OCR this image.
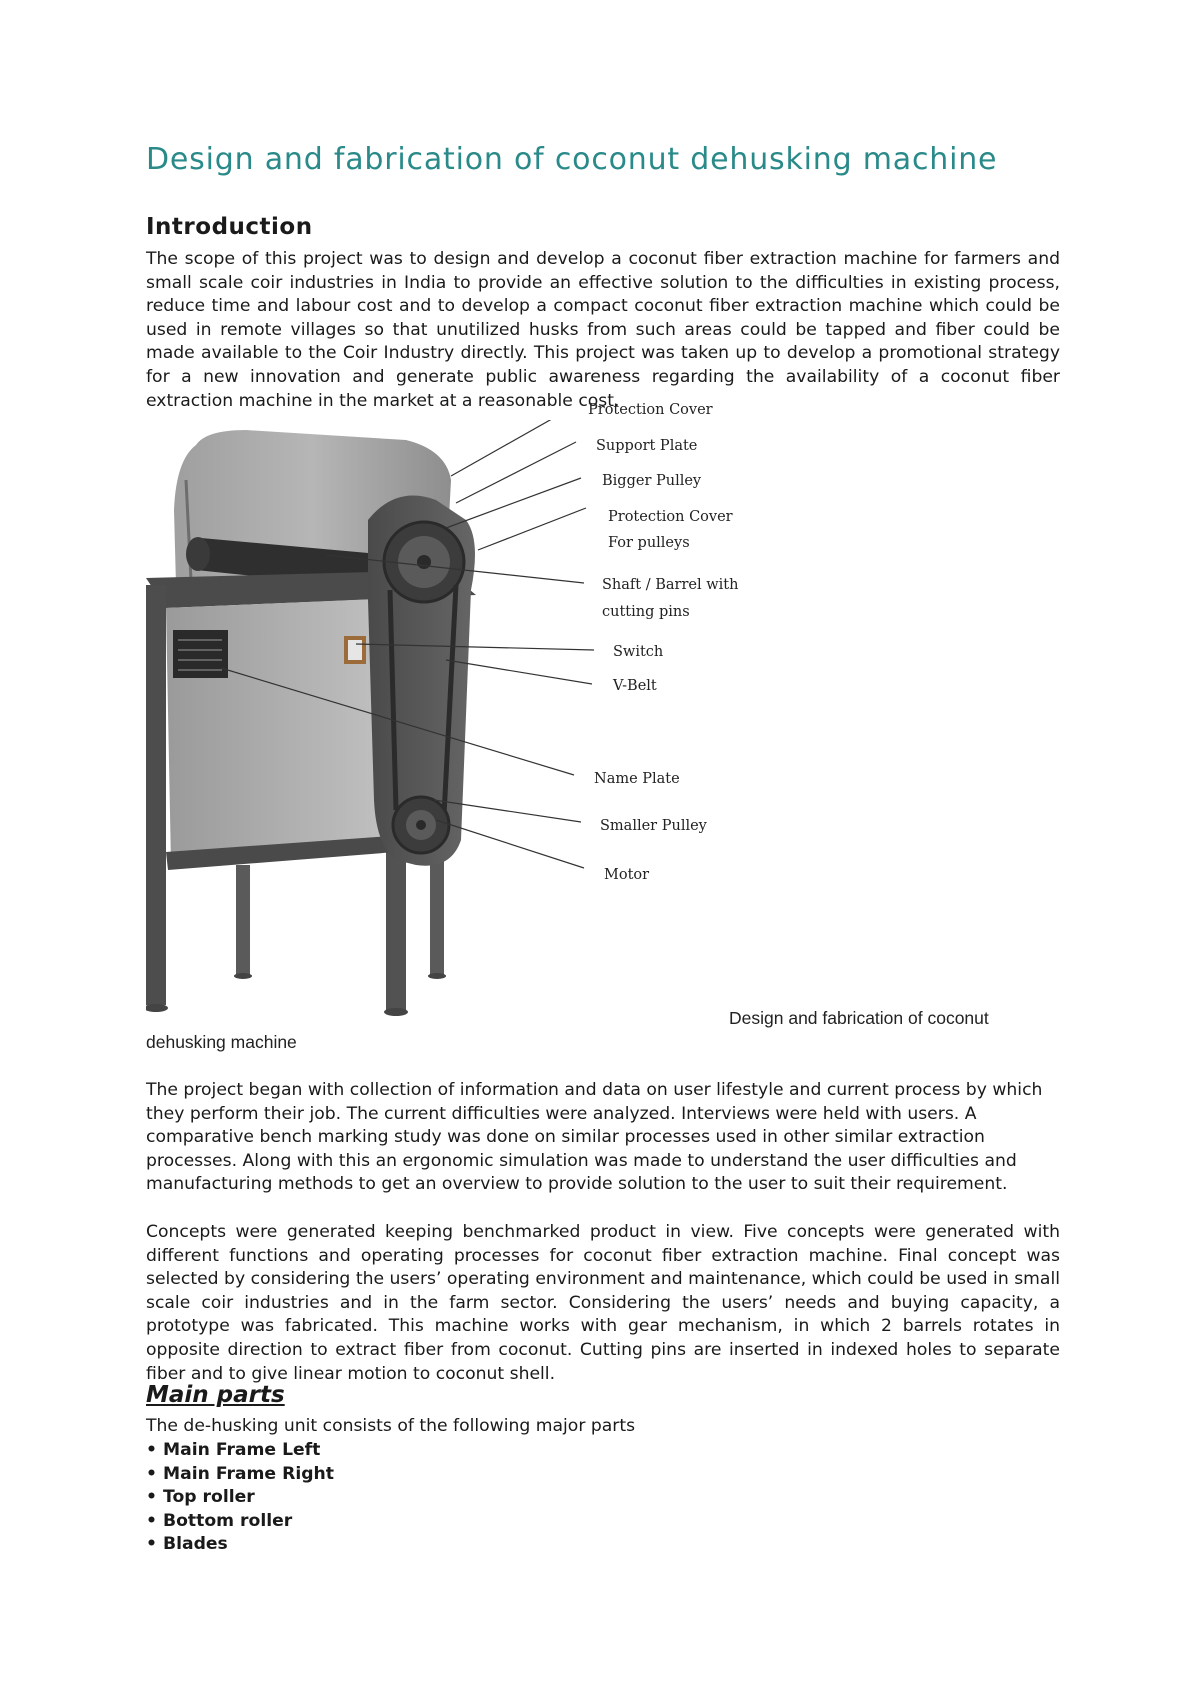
Design and fabrication of coconut dehusking machine
Introduction

The scope of this project was to design and develop a coconut fiber extraction machine for farmers and small scale coir industries in India to provide an effective solution to the difficulties in existing process, reduce time and labour cost and to develop a compact coconut fiber extraction machine which could be used in remote villages so that unutilized husks from such areas could be tapped and fiber could be made available to the Coir Industry directly. This project was taken up to develop a promotional strategy for a new innovation and generate public awareness regarding the availability of a coconut fiber extraction machine in the market at a reasonable cost.

Protection Cover
Support Plate
Bigger Pulley
Protection Cover
For pulleys
Shaft / Barrel with
cutting pins
Switch
V-Belt
Name Plate
Smaller Pulley
Motor

Design and fabrication of coconut

dehusking machine

The project began with collection of information and data on user lifestyle and current process by which they perform their job. The current difficulties were analyzed. Interviews were held with users. A comparative bench marking study was done on similar processes used in other similar extraction processes. Along with this an ergonomic simulation was made to understand the user difficulties and manufacturing methods to get an overview to provide solution to the user to suit their requirement.

Concepts were generated keeping benchmarked product in view. Five concepts were generated with different functions and operating processes for coconut fiber extraction machine. Final concept was selected by considering the users’ operating environment and maintenance, which could be used in small scale coir industries and in the farm sector. Considering the users’ needs and buying capacity, a prototype was fabricated. This machine works with gear mechanism, in which 2 barrels rotates in opposite direction to extract fiber from coconut. Cutting pins are inserted in indexed holes to separate fiber and to give linear motion to coconut shell.

Main parts

The de-husking unit consists of the following major parts

• Main Frame Left
• Main Frame Right
• Top roller
• Bottom roller
• Blades
